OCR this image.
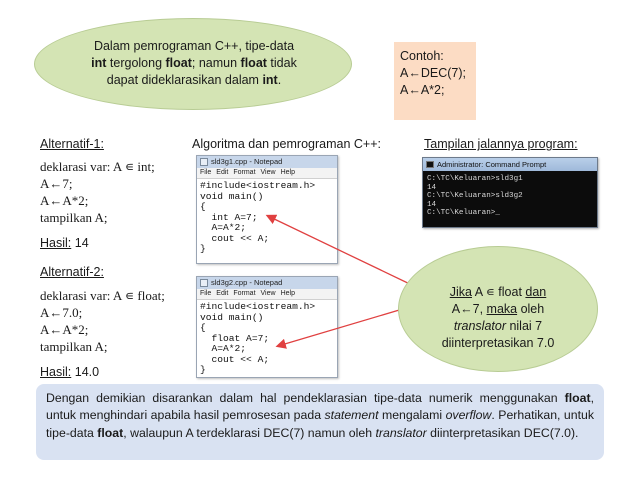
Dalam pemrograman C++, tipe-data
int tergolong float; namun float tidak
dapat dideklarasikan dalam int.
Contoh:
A←DEC(7);
A←A*2;
Alternatif-1:	Algoritma dan pemrograman C++:	Tampilan jalannya program:
deklarasi var: A ∊ int;
A←7;
A←A*2;
tampilkan A;
Hasil: 14
Alternatif-2:
deklarasi var: A ∊ float;
A←7.0;
A←A*2;
tampilkan A;
Hasil: 14.0
sld3g1.cpp - Notepad
File Edit Format View Help
#include<iostream.h>
void main()
{
int A=7;
A=A*2;
cout << A;
}
sld3g2.cpp - Notepad
File Edit Format View Help
#include<iostream.h>
void main()
{
float A=7;
A=A*2;
cout << A;
}
Administrator: Command Prompt
C:\TC\Keluaran>sld3g1
14
C:\TC\Keluaran>sld3g2
14
C:\TC\Keluaran>_
Jika A ∊ float dan
A←7, maka oleh
translator nilai 7
diinterpretasikan 7.0
Dengan demikian disarankan dalam hal pendeklarasian tipe-data numerik menggunakan float, untuk menghindari apabila hasil pemrosesan pada statement mengalami overflow. Perhatikan, untuk tipe-data float, walaupun A terdeklarasi DEC(7) namun oleh translator diinterpretasikan DEC(7.0).
